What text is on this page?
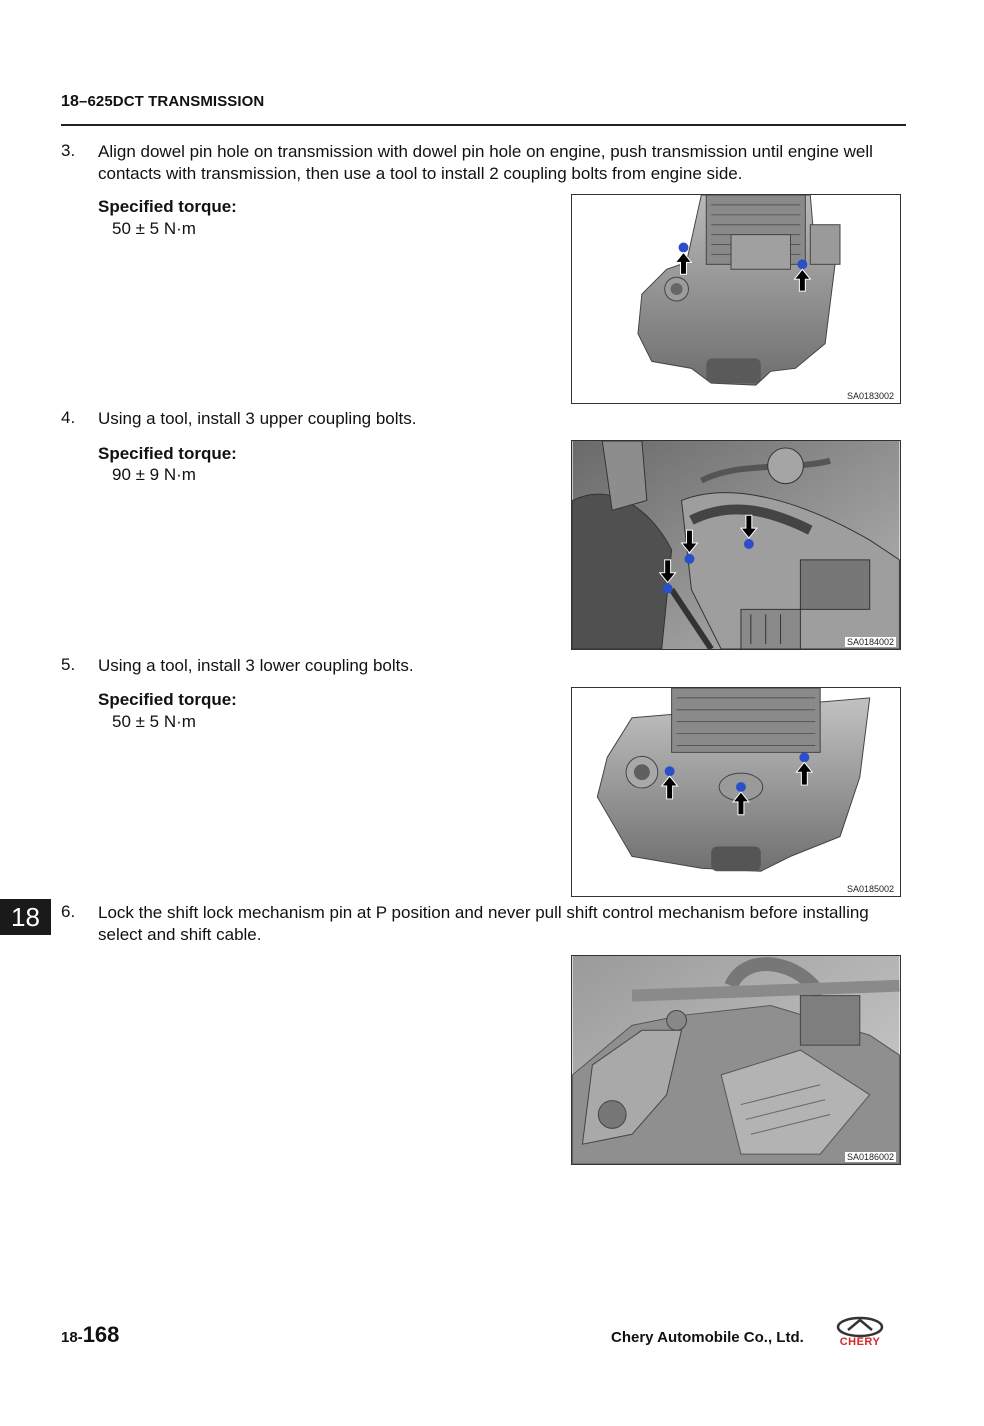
18–625DCT TRANSMISSION
3. Align dowel pin hole on transmission with dowel pin hole on engine, push transmission until engine well contacts with transmission, then use a tool to install 2 coupling bolts from engine side.
Specified torque:
50 ± 5 N·m
SA0183002
4. Using a tool, install 3 upper coupling bolts.
Specified torque:
90 ± 9 N·m
SA0184002
5. Using a tool, install 3 lower coupling bolts.
Specified torque:
50 ± 5 N·m
SA0185002
18	6. Lock the shift lock mechanism pin at P position and never pull shift control mechanism before installing select and shift cable.
SA0186002
18-168	Chery Automobile Co., Ltd.	CHERY
